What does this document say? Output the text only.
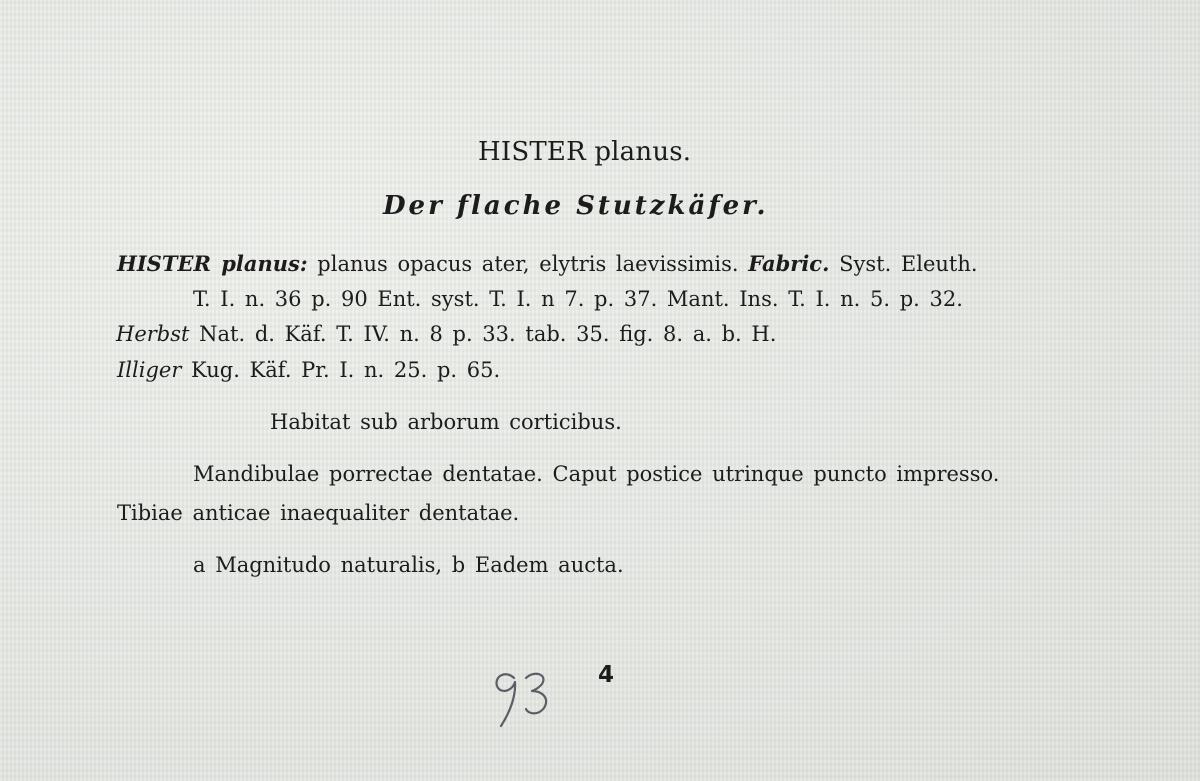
HISTER planus.
Der flache Stutzkäfer.
HISTER planus: planus opacus ater, elytris laevissimis. Fabric. Syst. Eleuth.
T. I. n. 36 p. 90 Ent. syst. T. I. n 7. p. 37. Mant. Ins. T. I. n. 5. p. 32.
Herbst Nat. d. Käf. T. IV. n. 8 p. 33. tab. 35. fig. 8. a. b. H.
Illiger Kug. Käf. Pr. I. n. 25. p. 65.
Habitat sub arborum corticibus.
Mandibulae porrectae dentatae. Caput postice utrinque puncto impresso.
Tibiae anticae inaequaliter dentatae.
a Magnitudo naturalis, b Eadem aucta.
4
